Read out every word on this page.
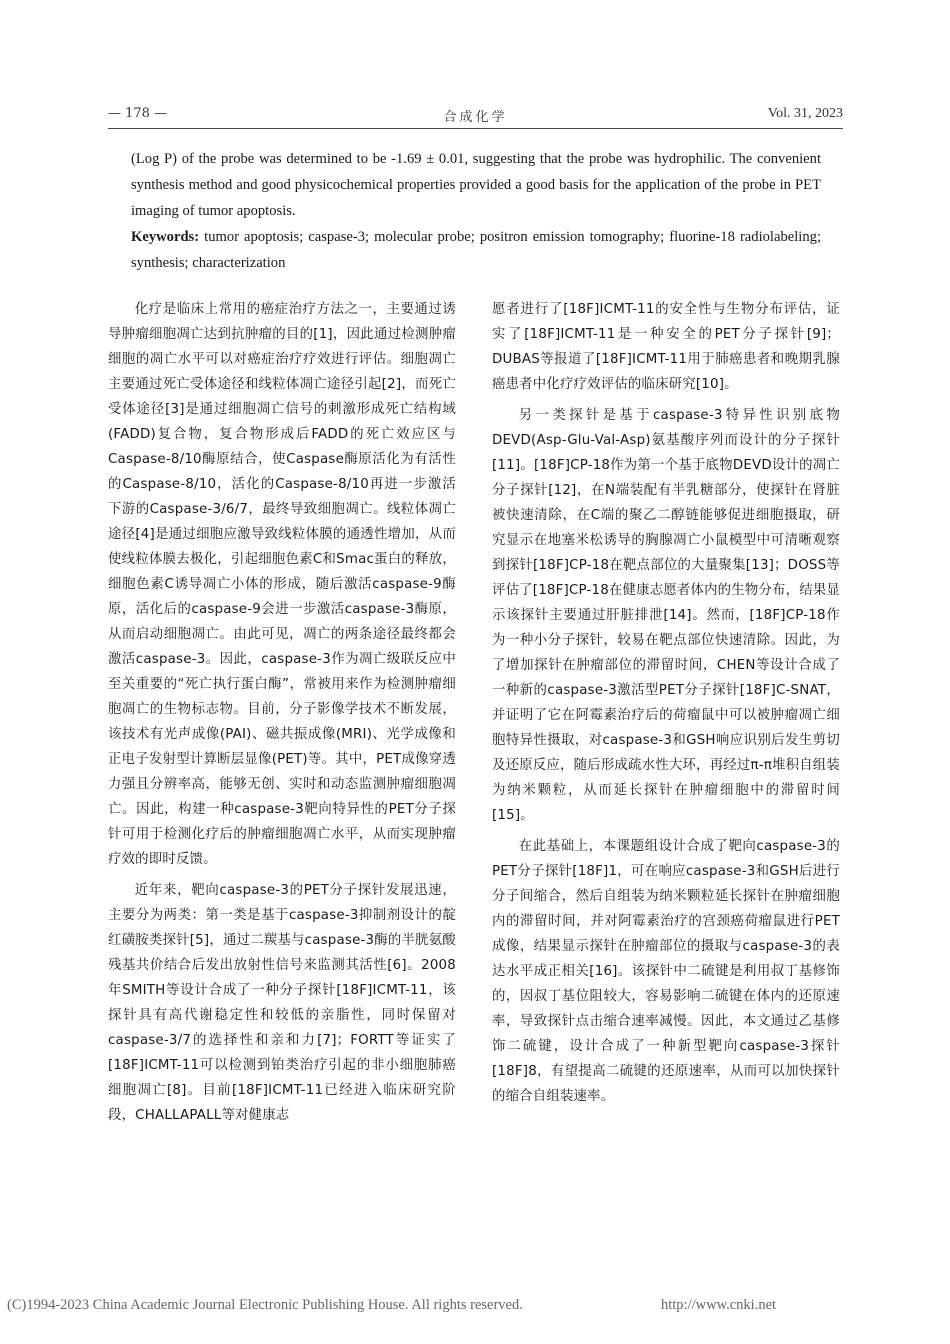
— 178 —	合成化学	Vol. 31, 2023

(Log P) of the probe was determined to be -1.69 ± 0.01, suggesting that the probe was hydrophilic. The convenient synthesis method and good physicochemical properties provided a good basis for the application of the probe in PET imaging of tumor apoptosis.

Keywords: tumor apoptosis; caspase-3; molecular probe; positron emission tomography; fluorine-18 radiolabeling; synthesis; characterization

化疗是临床上常用的癌症治疗方法之一，主要通过诱导肿瘤细胞凋亡达到抗肿瘤的目的[1]，因此通过检测肿瘤细胞的凋亡水平可以对癌症治疗疗效进行评估。细胞凋亡主要通过死亡受体途径和线粒体凋亡途径引起[2]，而死亡受体途径[3]是通过细胞凋亡信号的刺激形成死亡结构域(FADD)复合物，复合物形成后FADD的死亡效应区与Caspase-8/10酶原结合，使Caspase酶原活化为有活性的Caspase-8/10，活化的Caspase-8/10再进一步激活下游的Caspase-3/6/7，最终导致细胞凋亡。线粒体凋亡途径[4]是通过细胞应激导致线粒体膜的通透性增加，从而使线粒体膜去极化，引起细胞色素C和Smac蛋白的释放，细胞色素C诱导凋亡小体的形成，随后激活caspase-9酶原，活化后的caspase-9会进一步激活caspase-3酶原，从而启动细胞凋亡。由此可见，凋亡的两条途径最终都会激活caspase-3。因此，caspase-3作为凋亡级联反应中至关重要的“死亡执行蛋白酶”，常被用来作为检测肿瘤细胞凋亡的生物标志物。目前，分子影像学技术不断发展，该技术有光声成像(PAI)、磁共振成像(MRI)、光学成像和正电子发射型计算断层显像(PET)等。其中，PET成像穿透力强且分辨率高，能够无创、实时和动态监测肿瘤细胞凋亡。因此，构建一种caspase-3靶向特异性的PET分子探针可用于检测化疗后的肿瘤细胞凋亡水平，从而实现肿瘤疗效的即时反馈。

近年来，靶向caspase-3的PET分子探针发展迅速，主要分为两类：第一类是基于caspase-3抑制剂设计的靛红磺胺类探针[5]，通过二羰基与caspase-3酶的半胱氨酸残基共价结合后发出放射性信号来监测其活性[6]。2008年SMITH等设计合成了一种分子探针[18F]ICMT-11，该探针具有高代谢稳定性和较低的亲脂性，同时保留对caspase-3/7的选择性和亲和力[7]；FORTT等证实了[18F]ICMT-11可以检测到铂类治疗引起的非小细胞肺癌细胞凋亡[8]。目前[18F]ICMT-11已经进入临床研究阶段，CHALLAPALL等对健康志

愿者进行了[18F]ICMT-11的安全性与生物分布评估，证实了[18F]ICMT-11是一种安全的PET分子探针[9]；DUBAS等报道了[18F]ICMT-11用于肺癌患者和晚期乳腺癌患者中化疗疗效评估的临床研究[10]。

另一类探针是基于caspase-3特异性识别底物DEVD(Asp-Glu-Val-Asp)氨基酸序列而设计的分子探针[11]。[18F]CP-18作为第一个基于底物DEVD设计的凋亡分子探针[12]，在N端装配有半乳糖部分，使探针在肾脏被快速清除，在C端的聚乙二醇链能够促进细胞摄取，研究显示在地塞米松诱导的胸腺凋亡小鼠模型中可清晰观察到探针[18F]CP-18在靶点部位的大量聚集[13]；DOSS等评估了[18F]CP-18在健康志愿者体内的生物分布，结果显示该探针主要通过肝脏排泄[14]。然而，[18F]CP-18作为一种小分子探针，较易在靶点部位快速清除。因此，为了增加探针在肿瘤部位的滞留时间，CHEN等设计合成了一种新的caspase-3激活型PET分子探针[18F]C-SNAT，并证明了它在阿霉素治疗后的荷瘤鼠中可以被肿瘤凋亡细胞特异性摄取，对caspase-3和GSH响应识别后发生剪切及还原反应，随后形成疏水性大环，再经过π-π堆积自组装为纳米颗粒，从而延长探针在肿瘤细胞中的滞留时间[15]。

在此基础上，本课题组设计合成了靶向caspase-3的PET分子探针[18F]1，可在响应caspase-3和GSH后进行分子间缩合，然后自组装为纳米颗粒延长探针在肿瘤细胞内的滞留时间，并对阿霉素治疗的宫颈癌荷瘤鼠进行PET成像，结果显示探针在肿瘤部位的摄取与caspase-3的表达水平成正相关[16]。该探针中二硫键是利用叔丁基修饰的，因叔丁基位阻较大，容易影响二硫键在体内的还原速率，导致探针点击缩合速率减慢。因此，本文通过乙基修饰二硫键，设计合成了一种新型靶向caspase-3探针[18F]8，有望提高二硫键的还原速率，从而可以加快探针的缩合自组装速率。

(C)1994-2023 China Academic Journal Electronic Publishing House. All rights reserved.	http://www.cnki.net
